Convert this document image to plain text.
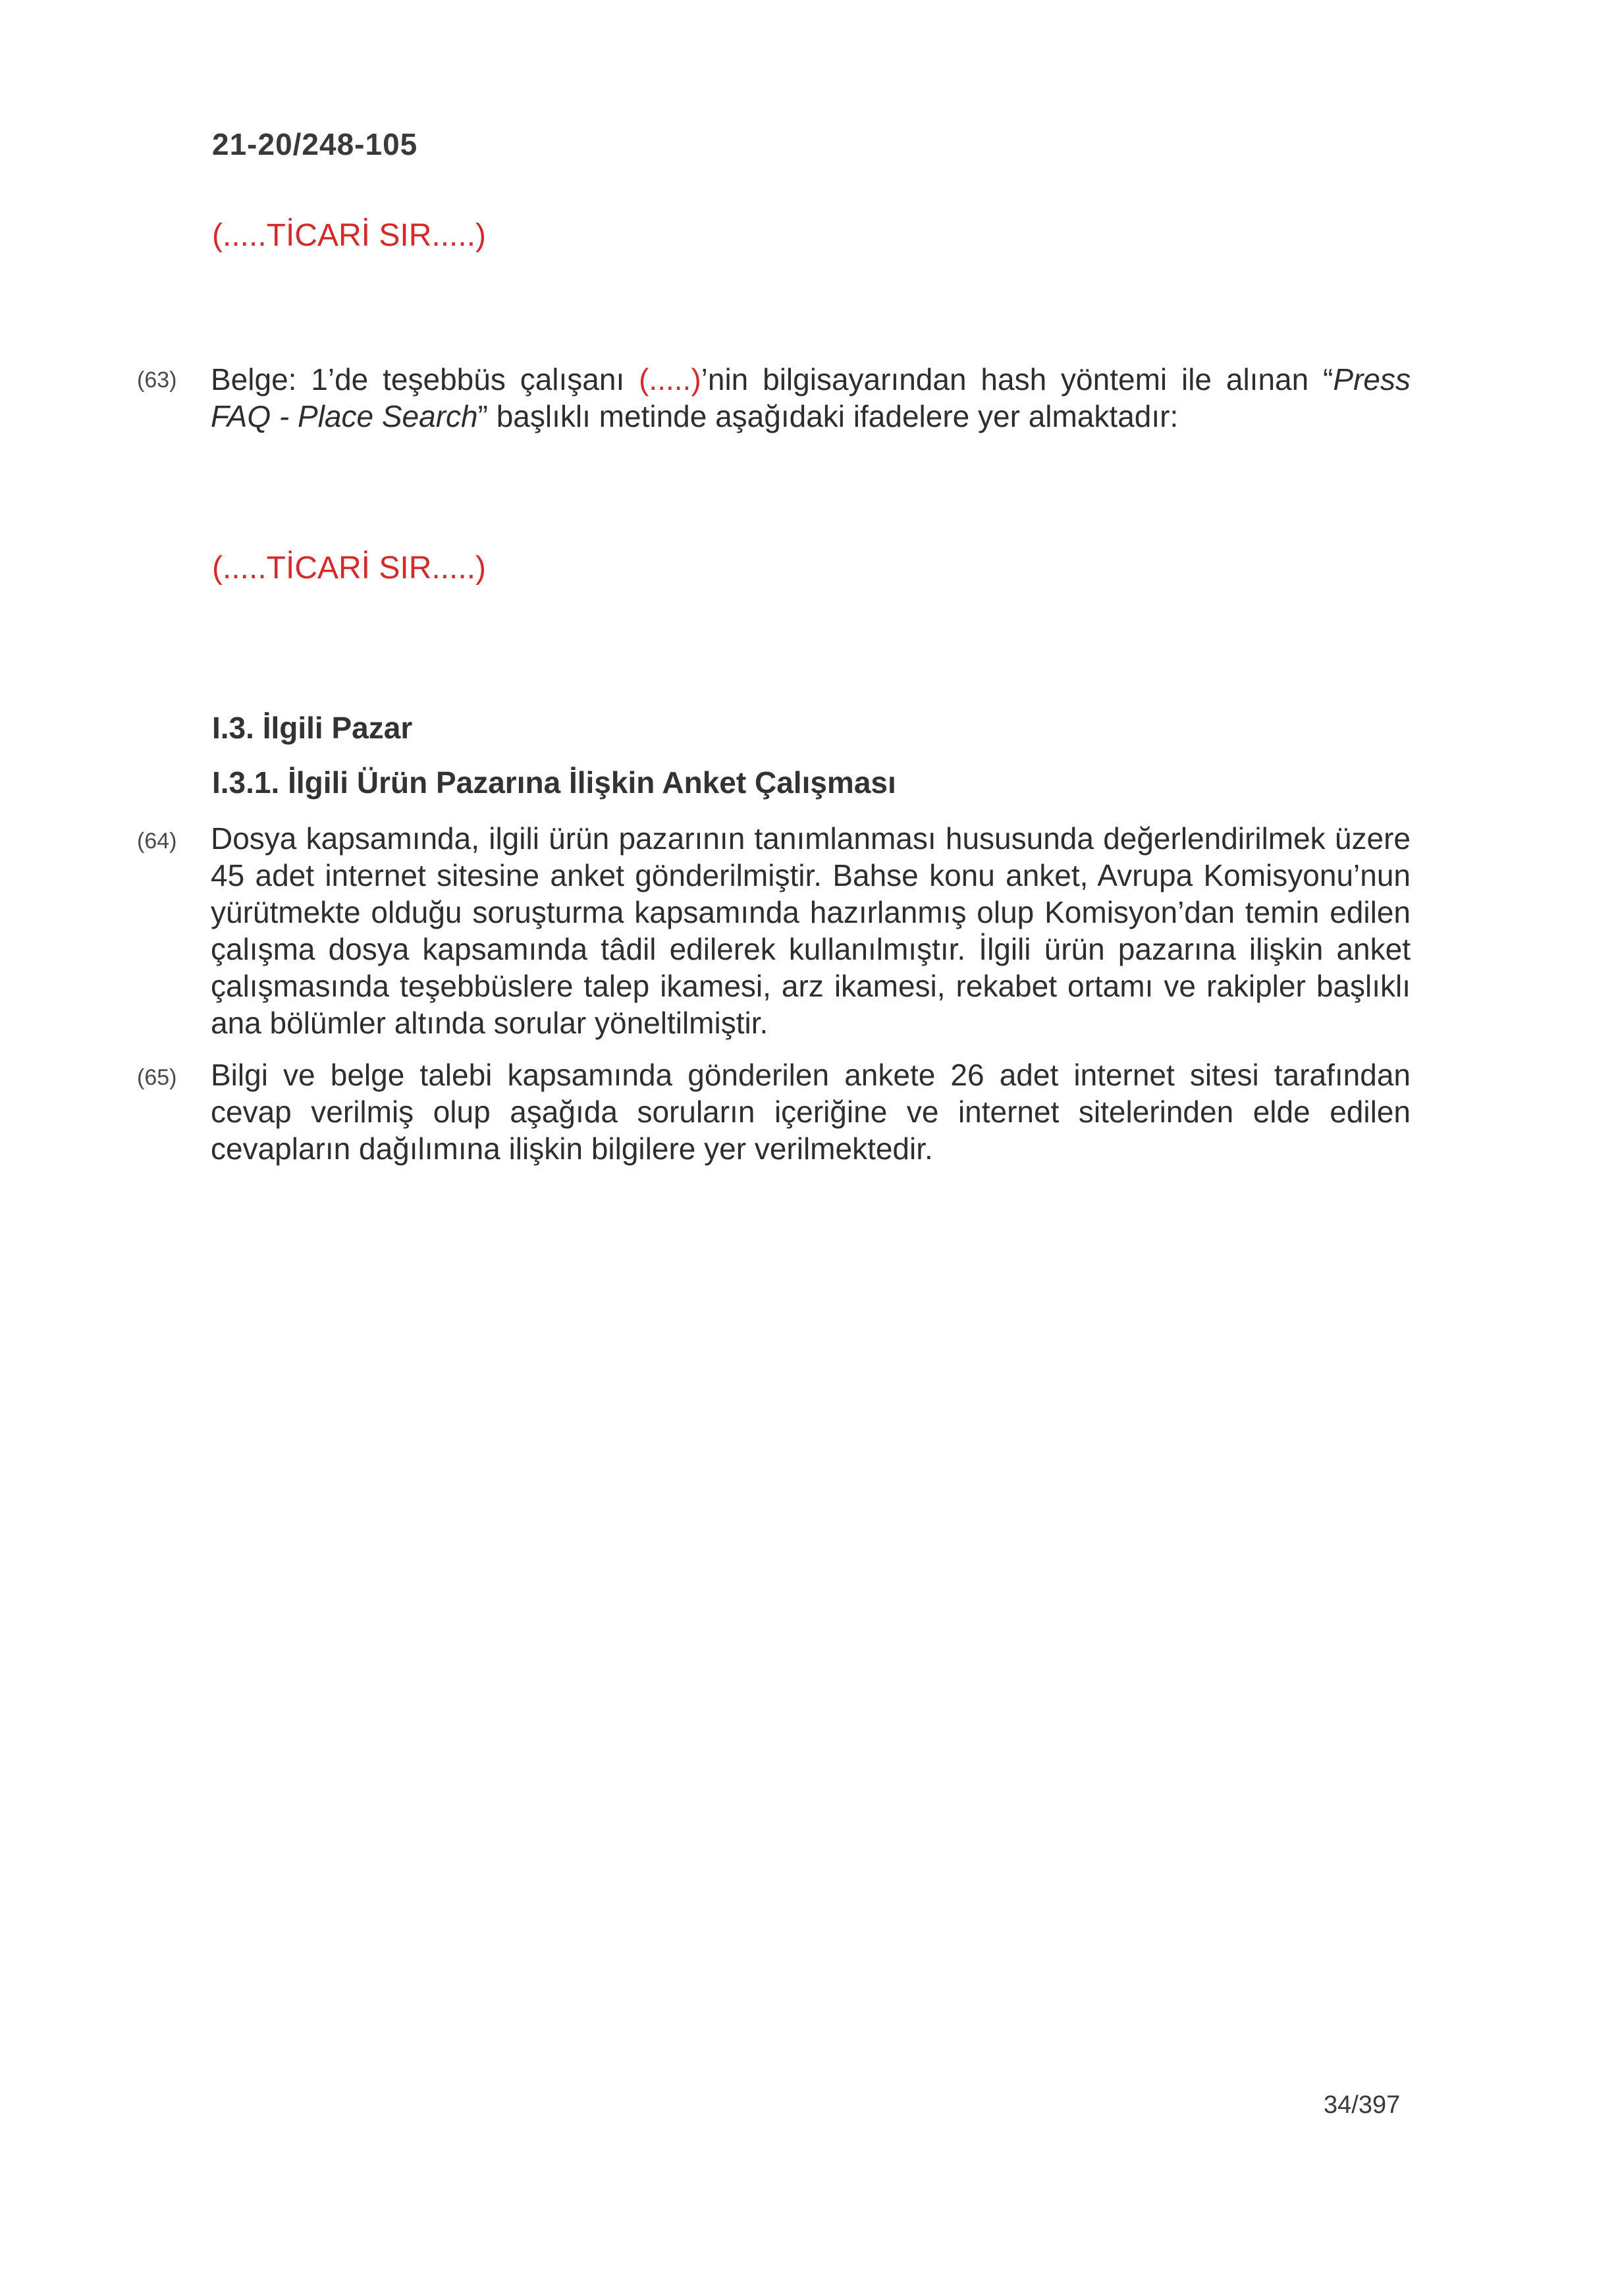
21-20/248-105
(.....TİCARİ SIR.....)
(63) Belge: 1’de teşebbüs çalışanı (.....)’nin bilgisayarından hash yöntemi ile alınan “Press FAQ - Place Search” başlıklı metinde aşağıdaki ifadelere yer almaktadır:
(.....TİCARİ SIR.....)
I.3. İlgili Pazar
I.3.1. İlgili Ürün Pazarına İlişkin Anket Çalışması
(64) Dosya kapsamında, ilgili ürün pazarının tanımlanması hususunda değerlendirilmek üzere 45 adet internet sitesine anket gönderilmiştir. Bahse konu anket, Avrupa Komisyonu’nun yürütmekte olduğu soruşturma kapsamında hazırlanmış olup Komisyon’dan temin edilen çalışma dosya kapsamında tâdil edilerek kullanılmıştır. İlgili ürün pazarına ilişkin anket çalışmasında teşebbüslere talep ikamesi, arz ikamesi, rekabet ortamı ve rakipler başlıklı ana bölümler altında sorular yöneltilmiştir.
(65) Bilgi ve belge talebi kapsamında gönderilen ankete 26 adet internet sitesi tarafından cevap verilmiş olup aşağıda soruların içeriğine ve internet sitelerinden elde edilen cevapların dağılımına ilişkin bilgilere yer verilmektedir.
34/397
